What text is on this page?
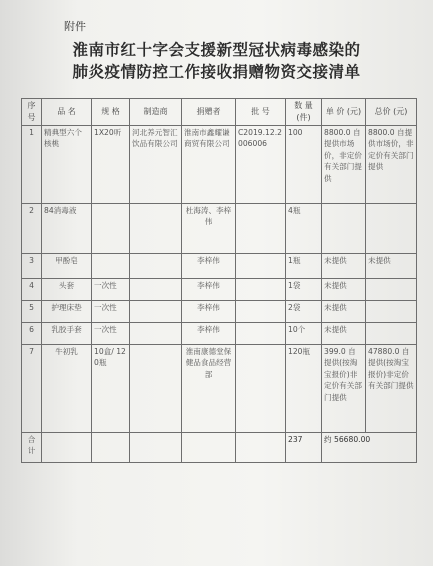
附件
淮南市红十字会支援新型冠状病毒感染的
肺炎疫情防控工作接收捐赠物资交接清单
序号	品 名	规 格	制造商	捐赠者	批 号	数 量 (件)	单 价 (元)	总价 (元)
1	精典型六个核桃	1X20听	河北养元智汇饮品有限公司	淮南市鑫耀谦商贸有限公司	C2019.12.2006006	100	8800.0 自提供市场价，非定价有关部门提供	8800.0 自提供市场价，非定价有关部门提供
2	84消毒液			杜海涛、李梓伟		4瓶		
3	甲酚皂			李梓伟		1瓶	未提供	未提供
4	头套	一次性		李梓伟		1袋	未提供	
5	护理床垫	一次性		李梓伟		2袋	未提供	
6	乳胶手套	一次性		李梓伟		10个	未提供	
7	牛初乳	10盒/ 120瓶		淮南康德堂保健品食品经营部		120瓶	399.0 自提供(按淘宝报价)非定价有关部门提供	47880.0 自提供(按淘宝报价)非定价有关部门提供
合计						237	约 56680.00	
